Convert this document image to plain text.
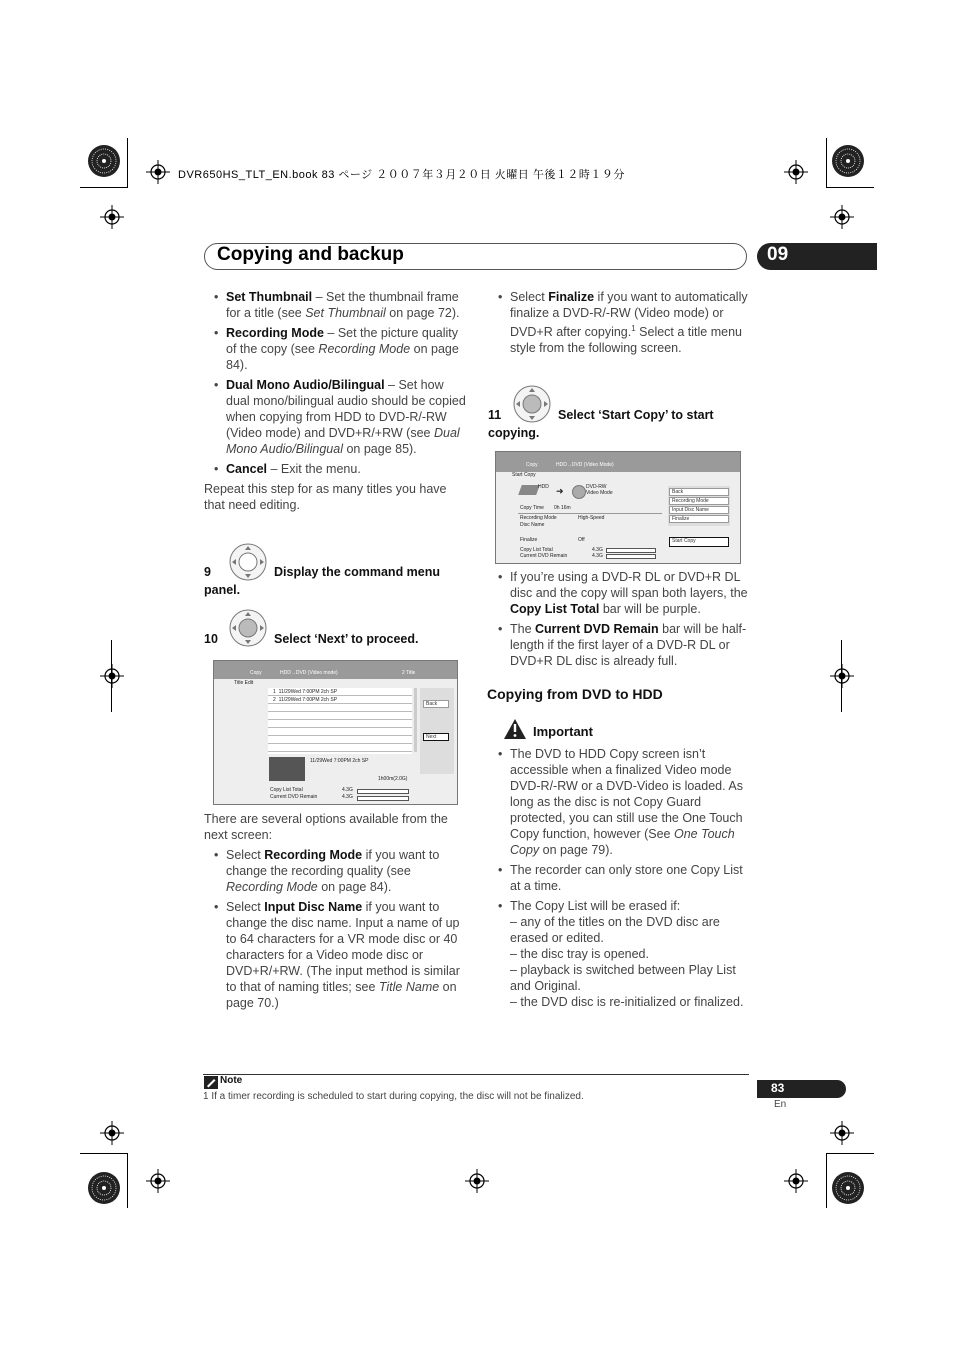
DVR650HS_TLT_EN.book 83 ページ ２００７年３月２０日 火曜日 午後１２時１９分
Copying and backup	09
• Set Thumbnail – Set the thumbnail frame for a title (see Set Thumbnail on page 72).
• Recording Mode – Set the picture quality of the copy (see Recording Mode on page 84).
• Dual Mono Audio/Bilingual – Set how dual mono/bilingual audio should be copied when copying from HDD to DVD-R/-RW (Video mode) and DVD+R/+RW (see Dual Mono Audio/Bilingual on page 85).
• Cancel – Exit the menu.

Repeat this step for as many titles you have that need editing.

9	Display the command menu
panel.
10	Select ‘Next’ to proceed.
Copy	HDD→DVD (Video mode)	2 Title
Title Edit
1 11/29Wed 7:00PM 2ch SP
2 11/29Wed 7:00PM 2ch SP
11/29Wed 7:00PM 2ch SP
1h00m(2.0G)
Copy List Total	4.3G
Current DVD Remain	4.3G
Back
Next

There are several options available from the next screen:

• Select Recording Mode if you want to change the recording quality (see Recording Mode on page 84).
• Select Input Disc Name if you want to change the disc name. Input a name of up to 64 characters for a VR mode disc or 40 characters for a Video mode disc or DVD+R/+RW. (The input method is similar to that of naming titles; see Title Name on page 70.)
• Select Finalize if you want to automatically finalize a DVD-R/-RW (Video mode) or DVD+R after copying.$^1$ Select a title menu style from the following screen.
11	Select ‘Start Copy’ to start
copying.
Copy	HDD→DVD (Video Mode)
Start Copy
HDD ➜	DVD-RW
Video Mode
Copy Time 0h 16m
Recording Mode	High-Speed
Disc Name
Finalize	Off
Copy List Total	4.3G
Current DVD Remain	4.3G
Back
Recording Mode
Input Disc Name
Finalize
Start Copy
• If you’re using a DVD-R DL or DVD+R DL disc and the copy will span both layers, the Copy List Total bar will be purple.
• The Current DVD Remain bar will be half-length if the first layer of a DVD-R DL or DVD+R DL disc is already full.
Copying from DVD to HDD
Important
• The DVD to HDD Copy screen isn’t accessible when a finalized Video mode DVD-R/-RW or a DVD-Video is loaded. As long as the disc is not Copy Guard protected, you can still use the One Touch Copy function, however (See One Touch Copy on page 79).
• The recorder can only store one Copy List at a time.
• The Copy List will be erased if:
– any of the titles on the DVD disc are erased or edited.
– the disc tray is opened.
– playback is switched between Play List and Original.
– the DVD disc is re-initialized or finalized.
Note
1 If a timer recording is scheduled to start during copying, the disc will not be finalized.
83
En
